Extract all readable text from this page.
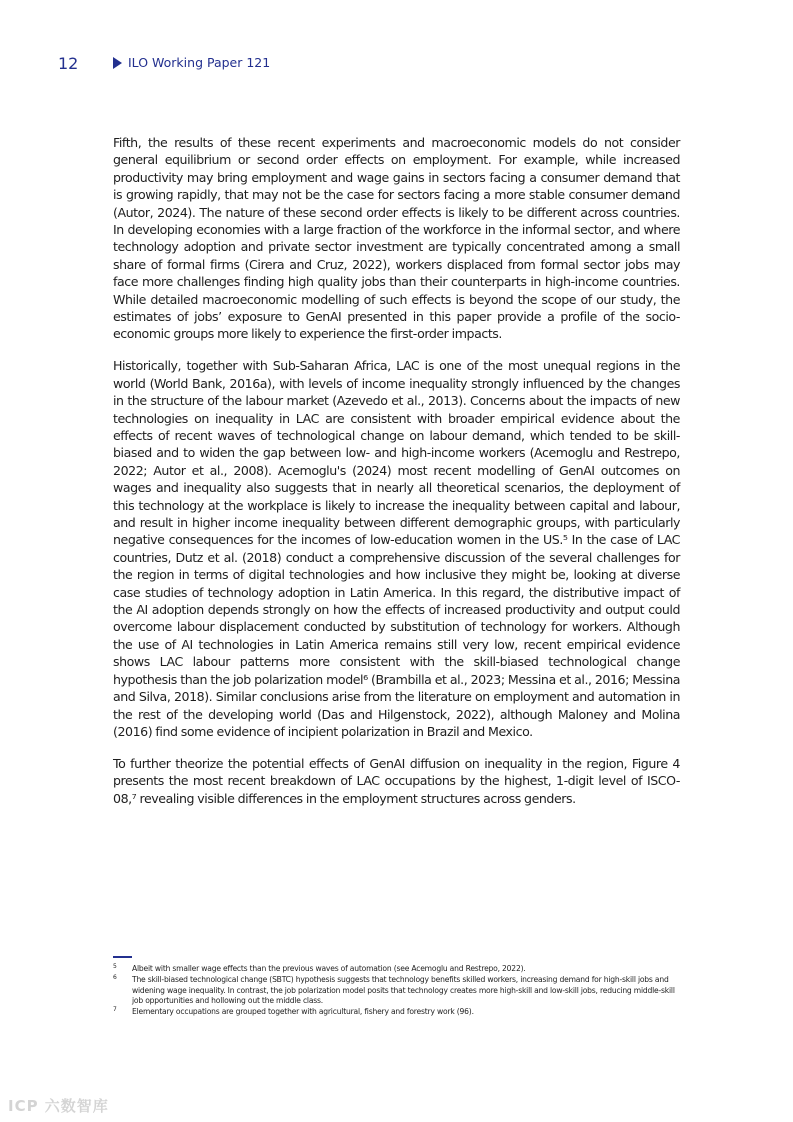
12	ILO Working Paper 121

Fifth, the results of these recent experiments and macroeconomic models do not consider general equilibrium or second order effects on employment. For example, while increased productivity may bring employment and wage gains in sectors facing a consumer demand that is growing rapidly, that may not be the case for sectors facing a more stable consumer demand (Autor, 2024). The nature of these second order effects is likely to be different across countries. In developing economies with a large fraction of the workforce in the informal sector, and where technology adoption and private sector investment are typically concentrated among a small share of formal firms (Cirera and Cruz, 2022), workers displaced from formal sector jobs may face more challenges finding high quality jobs than their counterparts in high-income countries. While detailed macroeconomic modelling of such effects is beyond the scope of our study, the estimates of jobs’ exposure to GenAI presented in this paper provide a profile of the socio-economic groups more likely to experience the first-order impacts.

Historically, together with Sub-Saharan Africa, LAC is one of the most unequal regions in the world (World Bank, 2016a), with levels of income inequality strongly influenced by the changes in the structure of the labour market (Azevedo et al., 2013). Concerns about the impacts of new technologies on inequality in LAC are consistent with broader empirical evidence about the effects of recent waves of technological change on labour demand, which tended to be skill-biased and to widen the gap between low- and high-income workers (Acemoglu and Restrepo, 2022; Autor et al., 2008). Acemoglu's (2024) most recent modelling of GenAI outcomes on wages and inequality also suggests that in nearly all theoretical scenarios, the deployment of this technology at the workplace is likely to increase the inequality between capital and labour, and result in higher income inequality between different demographic groups, with particularly negative consequences for the incomes of low-education women in the US.⁵ In the case of LAC countries, Dutz et al. (2018) conduct a comprehensive discussion of the several challenges for the region in terms of digital technologies and how inclusive they might be, looking at diverse case studies of technology adoption in Latin America. In this regard, the distributive impact of the AI adoption depends strongly on how the effects of increased productivity and output could overcome labour displacement conducted by substitution of technology for workers. Although the use of AI technologies in Latin America remains still very low, recent empirical evidence shows LAC labour patterns more consistent with the skill-biased technological change hypothesis than the job polarization model⁶ (Brambilla et al., 2023; Messina et al., 2016; Messina and Silva, 2018). Similar conclusions arise from the literature on employment and automation in the rest of the developing world (Das and Hilgenstock, 2022), although Maloney and Molina (2016) find some evidence of incipient polarization in Brazil and Mexico.

To further theorize the potential effects of GenAI diffusion on inequality in the region, Figure 4 presents the most recent breakdown of LAC occupations by the highest, 1-digit level of ISCO-08,⁷ revealing visible differences in the employment structures across genders.

5 Albeit with smaller wage effects than the previous waves of automation (see Acemoglu and Restrepo, 2022).
6 The skill-biased technological change (SBTC) hypothesis suggests that technology benefits skilled workers, increasing demand for high-skill jobs and widening wage inequality. In contrast, the job polarization model posits that technology creates more high-skill and low-skill jobs, reducing middle-skill job opportunities and hollowing out the middle class.
7 Elementary occupations are grouped together with agricultural, fishery and forestry work (96).
ICP 六数智库
